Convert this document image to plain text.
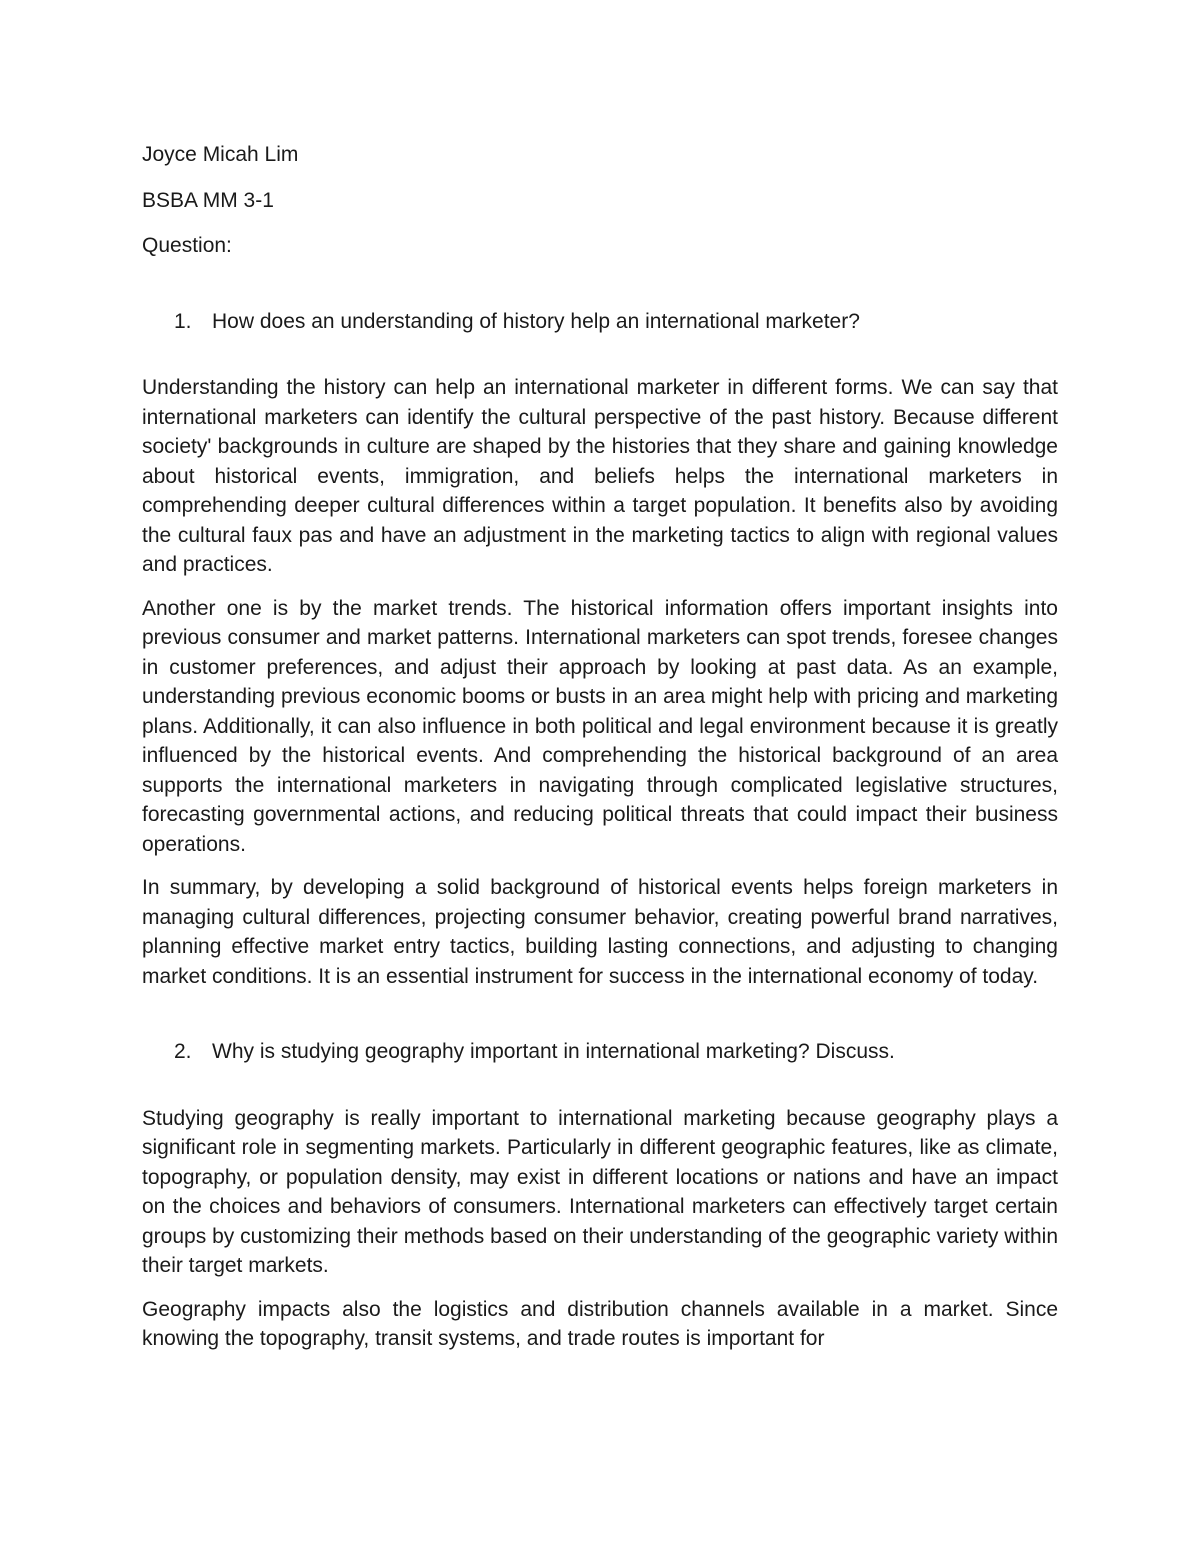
Joyce Micah Lim
BSBA MM 3-1
Question:
1. How does an understanding of history help an international marketer?

Understanding the history can help an international marketer in different forms. We can say that international marketers can identify the cultural perspective of the past history. Because different society' backgrounds in culture are shaped by the histories that they share and gaining knowledge about historical events, immigration, and beliefs helps the international marketers in comprehending deeper cultural differences within a target population. It benefits also by avoiding the cultural faux pas and have an adjustment in the marketing tactics to align with regional values and practices.

Another one is by the market trends. The historical information offers important insights into previous consumer and market patterns. International marketers can spot trends, foresee changes in customer preferences, and adjust their approach by looking at past data. As an example, understanding previous economic booms or busts in an area might help with pricing and marketing plans. Additionally, it can also influence in both political and legal environment because it is greatly influenced by the historical events. And comprehending the historical background of an area supports the international marketers in navigating through complicated legislative structures, forecasting governmental actions, and reducing political threats that could impact their business operations.

In summary, by developing a solid background of historical events helps foreign marketers in managing cultural differences, projecting consumer behavior, creating powerful brand narratives, planning effective market entry tactics, building lasting connections, and adjusting to changing market conditions. It is an essential instrument for success in the international economy of today.

2. Why is studying geography important in international marketing? Discuss.

Studying geography is really important to international marketing because geography plays a significant role in segmenting markets. Particularly in different geographic features, like as climate, topography, or population density, may exist in different locations or nations and have an impact on the choices and behaviors of consumers. International marketers can effectively target certain groups by customizing their methods based on their understanding of the geographic variety within their target markets.

Geography impacts also the logistics and distribution channels available in a market. Since knowing the topography, transit systems, and trade routes is important for
